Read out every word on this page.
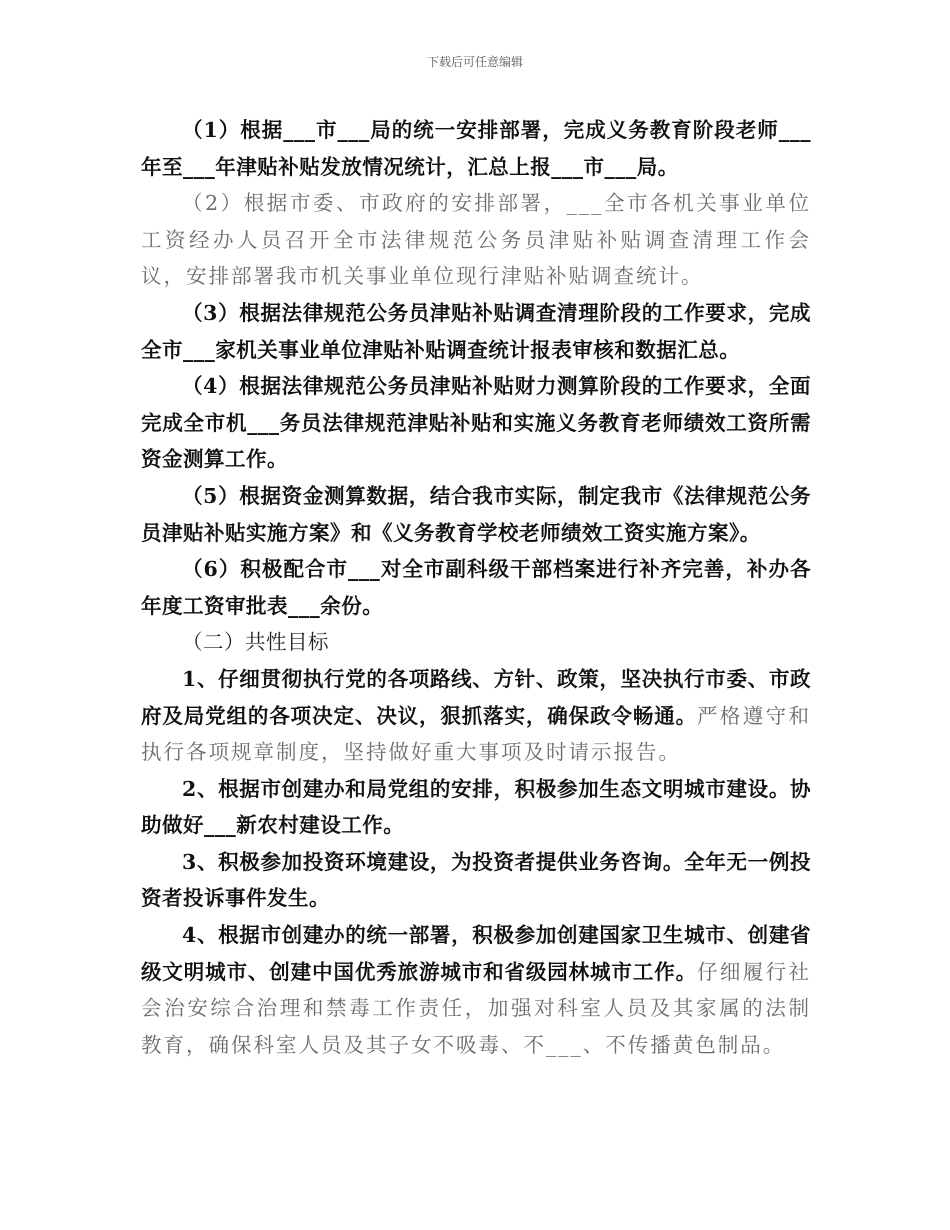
下载后可任意编辑

（1）根据___市___局的统一安排部署，完成义务教育阶段老师___年至___年津贴补贴发放情况统计，汇总上报___市___局。

（2）根据市委、市政府的安排部署，___全市各机关事业单位工资经办人员召开全市法律规范公务员津贴补贴调查清理工作会议，安排部署我市机关事业单位现行津贴补贴调查统计。

（3）根据法律规范公务员津贴补贴调查清理阶段的工作要求，完成全市___家机关事业单位津贴补贴调查统计报表审核和数据汇总。

（4）根据法律规范公务员津贴补贴财力测算阶段的工作要求，全面完成全市机___务员法律规范津贴补贴和实施义务教育老师绩效工资所需资金测算工作。

（5）根据资金测算数据，结合我市实际，制定我市《法律规范公务员津贴补贴实施方案》和《义务教育学校老师绩效工资实施方案》。

（6）积极配合市___对全市副科级干部档案进行补齐完善，补办各年度工资审批表___余份。

（二）共性目标

1、仔细贯彻执行党的各项路线、方针、政策，坚决执行市委、市政府及局党组的各项决定、决议，狠抓落实，确保政令畅通。严格遵守和执行各项规章制度，坚持做好重大事项及时请示报告。

2、根据市创建办和局党组的安排，积极参加生态文明城市建设。协助做好___新农村建设工作。

3、积极参加投资环境建设，为投资者提供业务咨询。全年无一例投资者投诉事件发生。

4、根据市创建办的统一部署，积极参加创建国家卫生城市、创建省级文明城市、创建中国优秀旅游城市和省级园林城市工作。仔细履行社会治安综合治理和禁毒工作责任，加强对科室人员及其家属的法制教育，确保科室人员及其子女不吸毒、不___、不传播黄色制品。
